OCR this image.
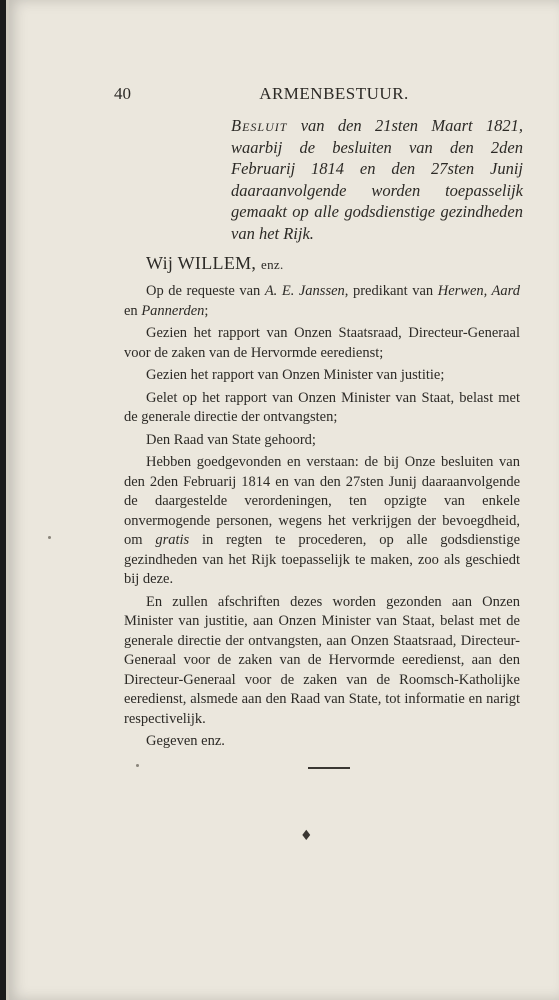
40	ARMENBESTUUR.
Besluit van den 21sten Maart 1821, waarbij de besluiten van den 2den Februarij 1814 en den 27sten Junij daaraanvolgende worden toepasselijk gemaakt op alle godsdienstige gezindheden van het Rijk.
Wij WILLEM, enz.

Op de requeste van A. E. Janssen, predikant van Herwen, Aard en Pannerden;

Gezien het rapport van Onzen Staatsraad, Directeur-Generaal voor de zaken van de Hervormde eeredienst;

Gezien het rapport van Onzen Minister van justitie;

Gelet op het rapport van Onzen Minister van Staat, belast met de generale directie der ontvangsten;

Den Raad van State gehoord;

Hebben goedgevonden en verstaan: de bij Onze besluiten van den 2den Februarij 1814 en van den 27sten Junij daaraanvolgende de daargestelde verordeningen, ten opzigte van enkele onvermogende personen, wegens het verkrijgen der bevoegdheid, om gratis in regten te procederen, op alle godsdienstige gezindheden van het Rijk toepasselijk te maken, zoo als geschiedt bij deze.

En zullen afschriften dezes worden gezonden aan Onzen Minister van justitie, aan Onzen Minister van Staat, belast met de generale directie der ontvangsten, aan Onzen Staatsraad, Directeur-Generaal voor de zaken van de Hervormde eeredienst, aan den Directeur-Generaal voor de zaken van de Roomsch-Katholijke eeredienst, alsmede aan den Raad van State, tot informatie en narigt respectivelijk.

Gegeven enz.

♦
